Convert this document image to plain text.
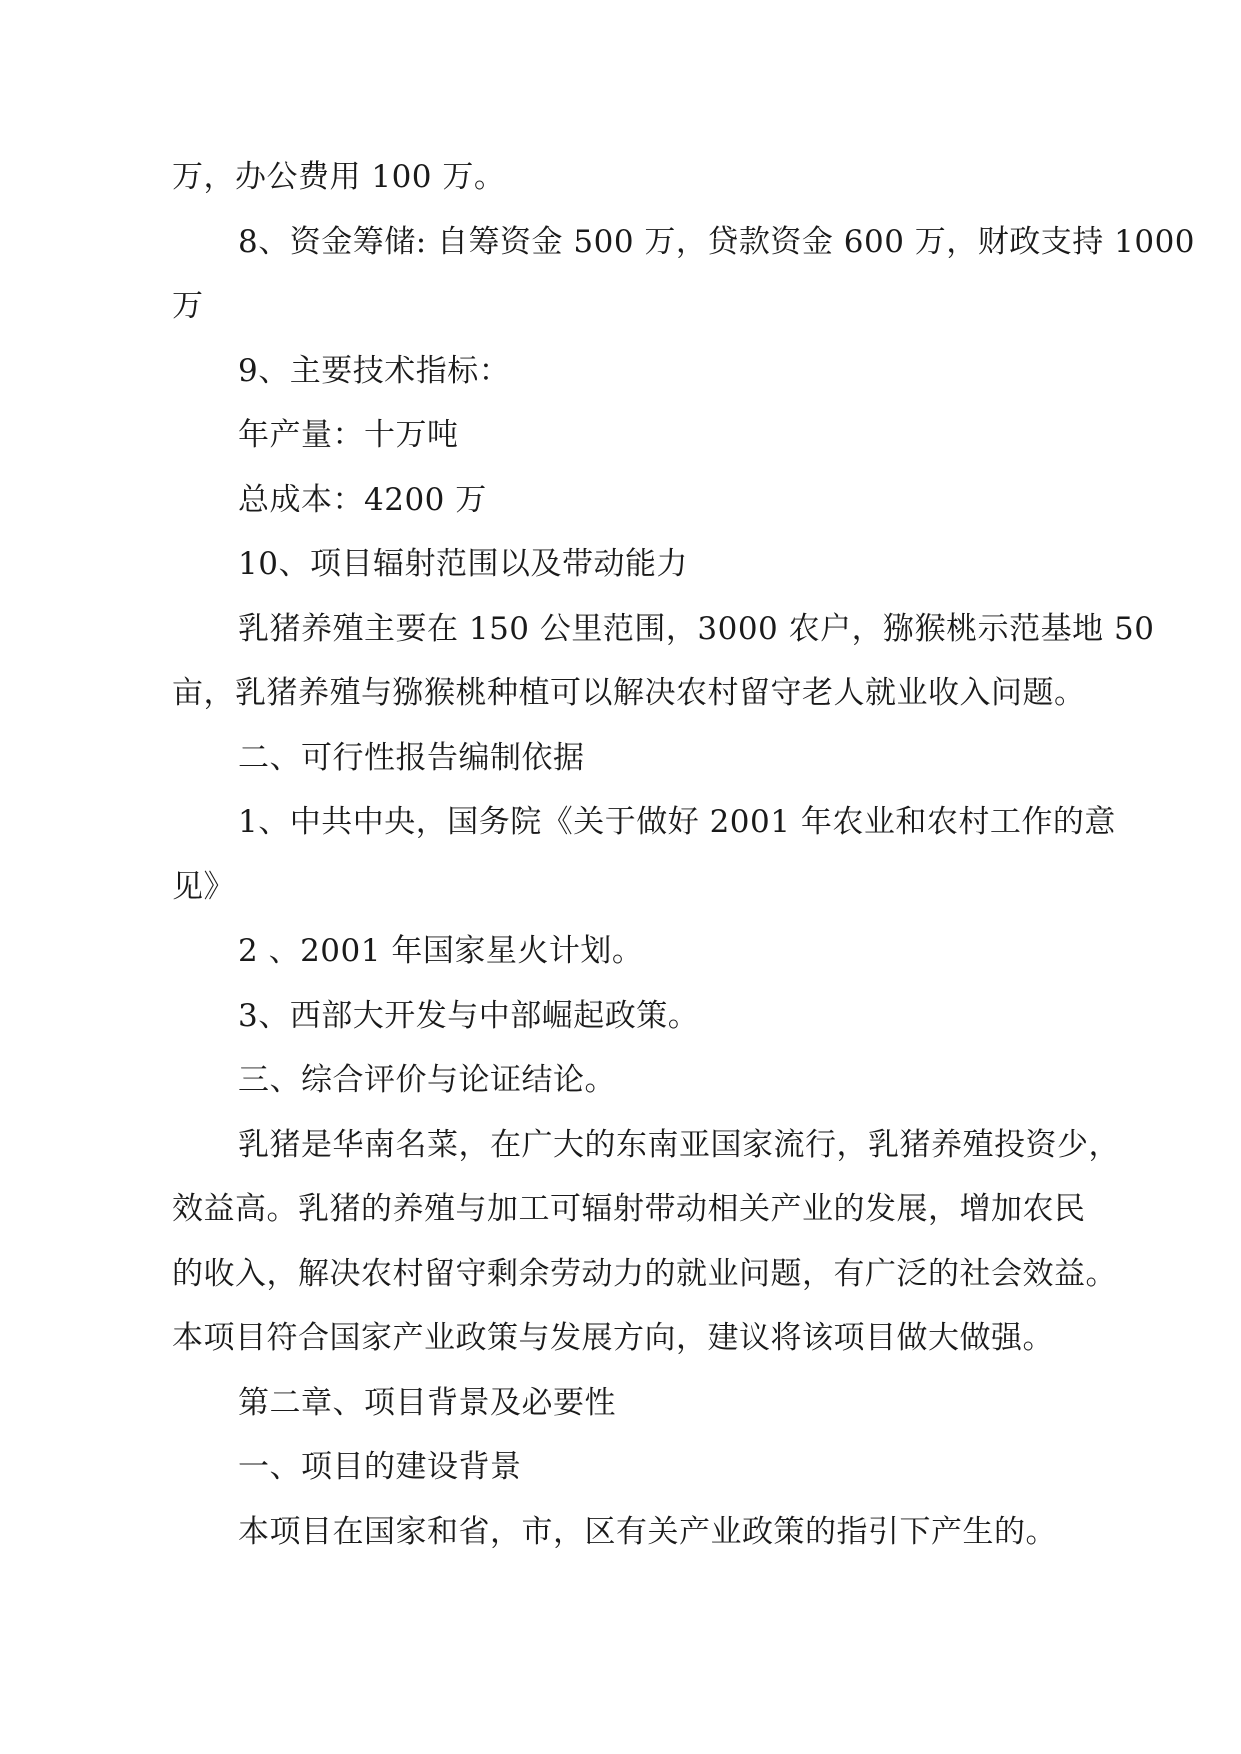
万，办公费用 100 万。
8、资金筹储: 自筹资金 500 万，贷款资金 600 万，财政支持 1000
万
9、主要技术指标：
年产量：十万吨
总成本：4200 万
10、项目辐射范围以及带动能力
乳猪养殖主要在 150 公里范围，3000 农户，猕猴桃示范基地 50
亩，乳猪养殖与猕猴桃种植可以解决农村留守老人就业收入问题。
二、可行性报告编制依据
1、中共中央，国务院《关于做好 2001 年农业和农村工作的意
见》
2 、2001 年国家星火计划。
3、西部大开发与中部崛起政策。
三、综合评价与论证结论。
乳猪是华南名菜，在广大的东南亚国家流行，乳猪养殖投资少，
效益高。乳猪的养殖与加工可辐射带动相关产业的发展，增加农民
的收入，解决农村留守剩余劳动力的就业问题，有广泛的社会效益。
本项目符合国家产业政策与发展方向，建议将该项目做大做强。
第二章、项目背景及必要性
一、项目的建设背景
本项目在国家和省，市，区有关产业政策的指引下产生的。
